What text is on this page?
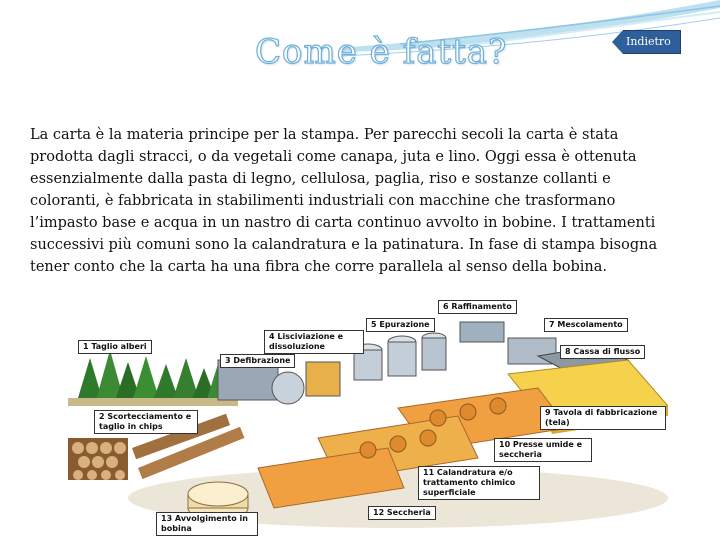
Come è fatta?	Indietro

La carta è la materia principe per la stampa. Per parecchi secoli la carta è stata prodotta dagli stracci, o da vegetali come canapa, juta e lino. Oggi essa è ottenuta essenzialmente dalla pasta di legno, cellulosa, paglia, riso e sostanze collanti e coloranti, è fabbricata in stabilimenti industriali con macchine che trasformano l’impasto base e acqua in un nastro di carta continuo avvolto in bobine. I trattamenti successivi più comuni sono la calandratura e la patinatura. In fase di stampa bisogna tener conto che la carta ha una fibra che corre parallela al senso della bobina.

1 Taglio alberi
2 Scortecciamento e taglio in chips
3 Defibrazione
4 Lisciviazione e dissoluzione
5 Epurazione
6 Raffinamento
7 Mescolamento
8 Cassa di flusso
9 Tavola di fabbricazione (tela)
10 Presse umide e seccheria
11 Calandratura e/o trattamento chimico superficiale
12 Seccheria
13 Avvolgimento in bobina
